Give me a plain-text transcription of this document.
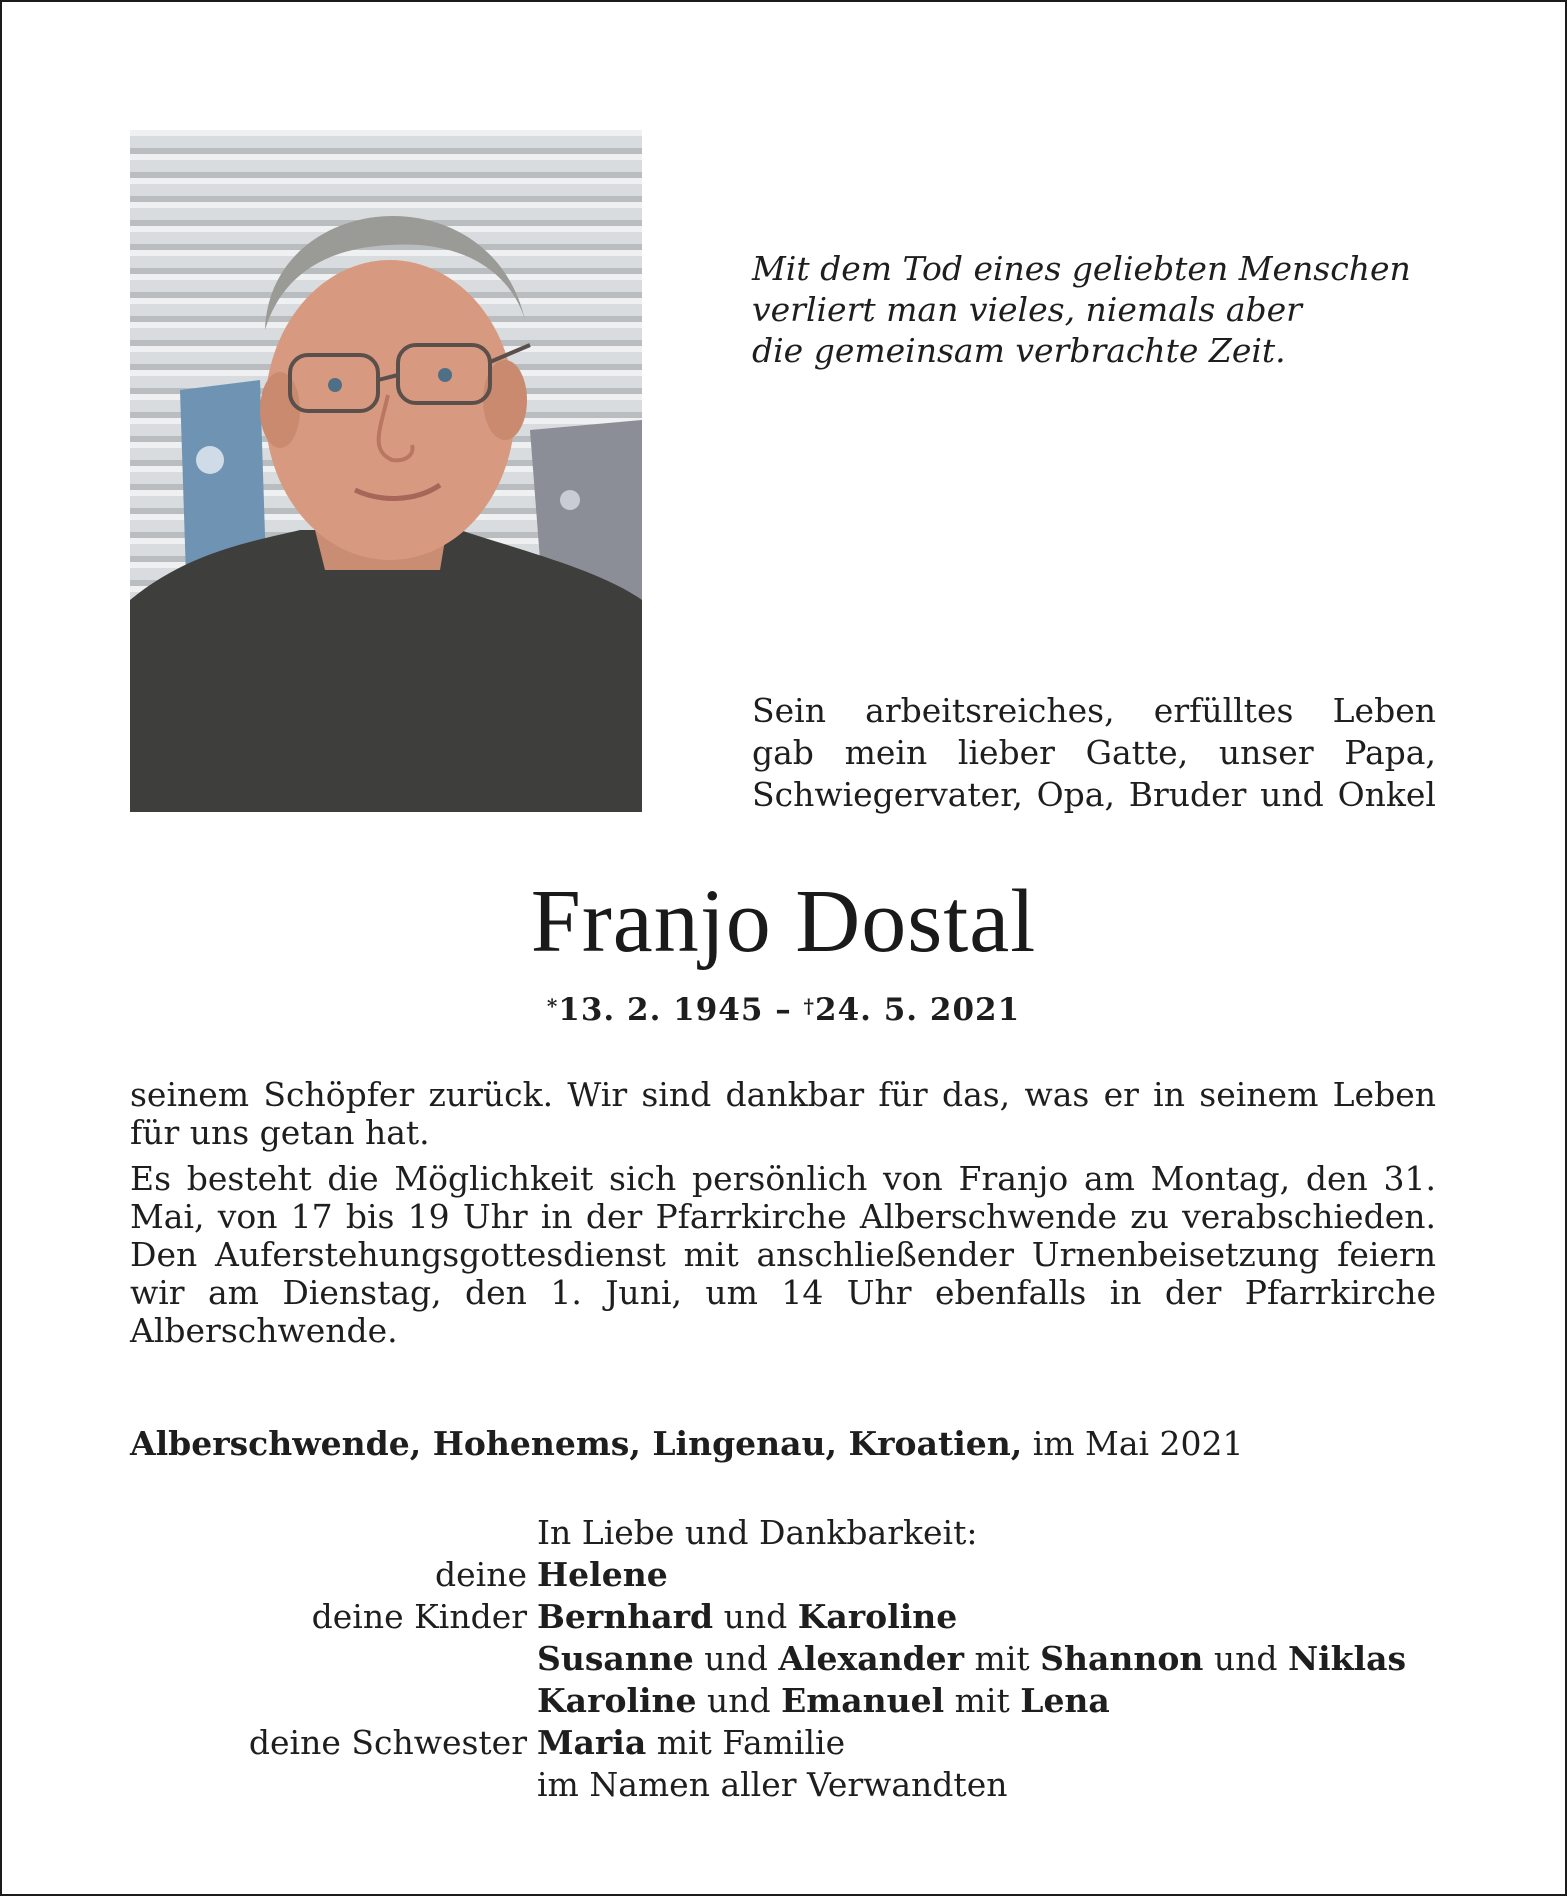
Mit dem Tod eines geliebten Menschen
verliert man vieles, niemals aber
die gemeinsam verbrachte Zeit.
Sein arbeitsreiches, erfülltes Leben
gab mein lieber Gatte, unser Papa,
Schwiegervater, Opa, Bruder und Onkel
Franjo Dostal
*13. 2. 1945 – †24. 5. 2021

seinem Schöpfer zurück. Wir sind dankbar für das, was er in seinem Leben für uns getan hat.

Es besteht die Möglichkeit sich persönlich von Franjo am Montag, den 31. Mai, von 17 bis 19 Uhr in der Pfarrkirche Alberschwende zu verabschieden. Den Auferstehungsgottesdienst mit anschließender Urnenbeisetzung feiern wir am Dienstag, den 1. Juni, um 14 Uhr ebenfalls in der Pfarrkirche Alberschwende.

Alberschwende, Hohenems, Lingenau, Kroatien, im Mai 2021
In Liebe und Dankbarkeit:
deine Helene
deine Kinder Bernhard und Karoline
Susanne und Alexander mit Shannon und Niklas
Karoline und Emanuel mit Lena
deine Schwester Maria mit Familie
im Namen aller Verwandten
